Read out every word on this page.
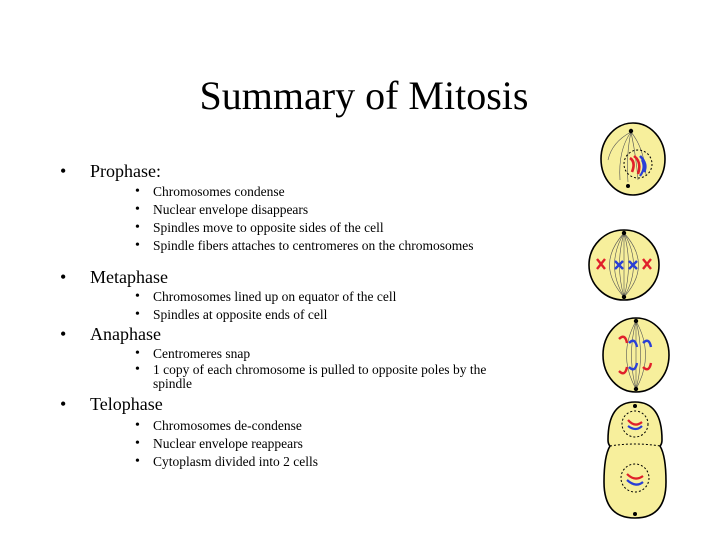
Summary of Mitosis
• Prophase:
• Chromosomes condense
• Nuclear envelope disappears
• Spindles move to opposite sides of the cell
• Spindle fibers attaches to centromeres on the chromosomes
• Metaphase
• Chromosomes lined up on equator of the cell
• Spindles at opposite ends of cell
• Anaphase
• Centromeres snap
• 1 copy of each chromosome is pulled to opposite poles by the spindle
• Telophase
• Chromosomes de-condense
• Nuclear envelope reappears
• Cytoplasm divided into 2 cells
